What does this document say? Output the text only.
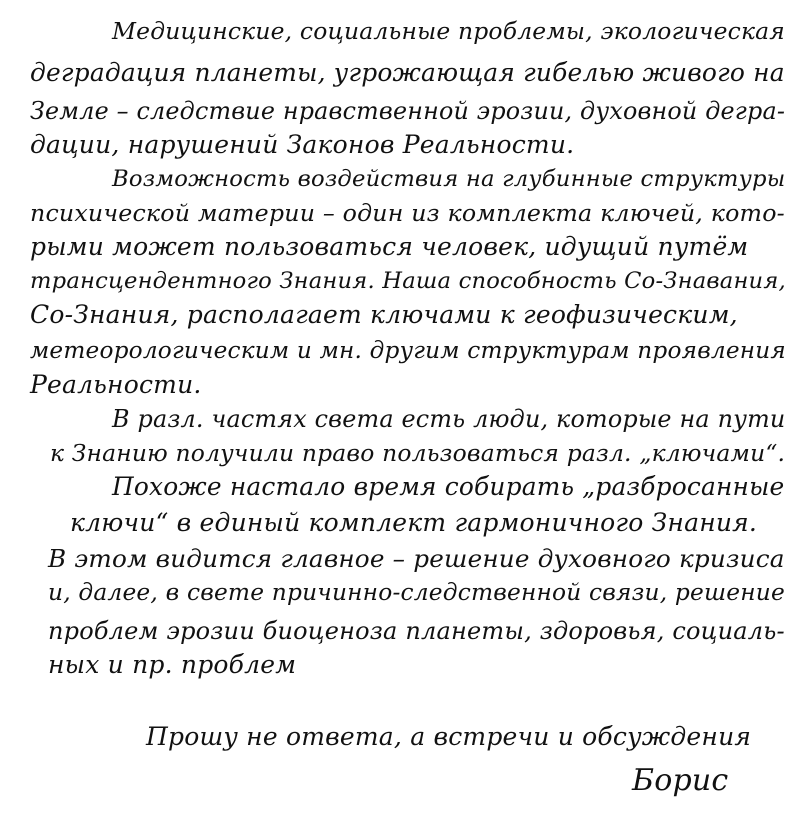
Медицинские, социальные проблемы, экологическая
деградация планеты, угрожающая гибелью живого на
Земле – следствие нравственной эрозии, духовной дегра-
дации, нарушений Законов Реальности.
Возможность воздействия на глубинные структуры
психической материи – один из комплекта ключей, кото-
рыми может пользоваться человек, идущий путём
трансцендентного Знания. Наша способность Со-Знавания,
Со-Знания, располагает ключами к геофизическим,
метеорологическим и мн. другим структурам проявления
Реальности.
В разл. частях света есть люди, которые на пути
к Знанию получили право пользоваться разл. „ключами“.
Похоже настало время собирать „разбросанные
ключи“ в единый комплект гармоничного Знания.
В этом видится главное – решение духовного кризиса
и, далее, в свете причинно-следственной связи, решение
проблем эрозии биоценоза планеты, здоровья, социаль-
ных и пр. проблем
Прошу не ответа, а встречи и обсуждения
Борис
